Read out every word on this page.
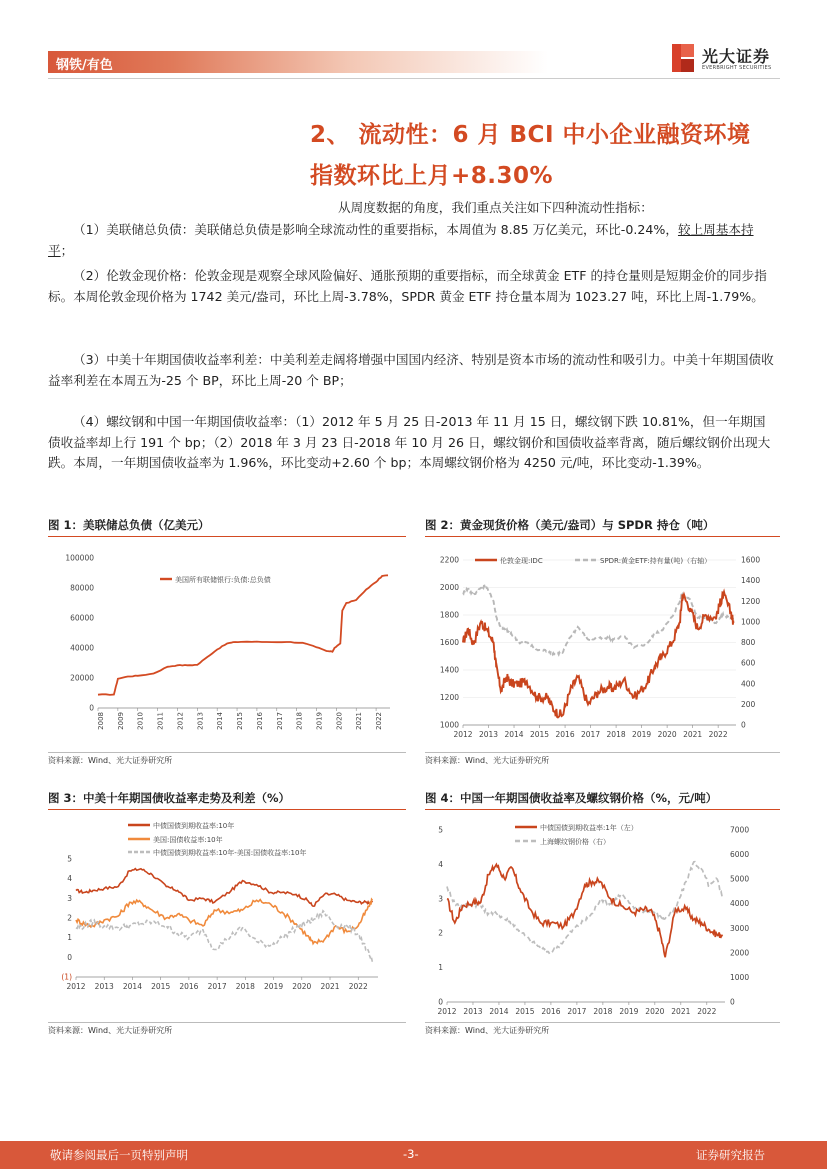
钢铁/有色	光大证券
EVERBRIGHT SECURITIES
2、 流动性：6 月 BCI 中小企业融资环境
指数环比上月+8.30%

从周度数据的角度，我们重点关注如下四种流动性指标：

（1）美联储总负债：美联储总负债是影响全球流动性的重要指标，本周值为 8.85 万亿美元，环比-0.24%，较上周基本持平；

（2）伦敦金现价格：伦敦金现是观察全球风险偏好、通胀预期的重要指标，而全球黄金 ETF 的持仓量则是短期金价的同步指标。本周伦敦金现价格为 1742 美元/盎司，环比上周-3.78%，SPDR 黄金 ETF 持仓量本周为 1023.27 吨，环比上周-1.79%。

（3）中美十年期国债收益率利差：中美利差走阔将增强中国国内经济、特别是资本市场的流动性和吸引力。中美十年期国债收益率利差在本周五为-25 个 BP，环比上周-20 个 BP；

（4）螺纹钢和中国一年期国债收益率：（1）2012 年 5 月 25 日-2013 年 11 月 15 日，螺纹钢下跌 10.81%，但一年期国债收益率却上行 191 个 bp；（2）2018 年 3 月 23 日-2018 年 10 月 26 日，螺纹钢价和国债收益率背离，随后螺纹钢价出现大跌。本周，一年期国债收益率为 1.96%，环比变动+2.60 个 bp；本周螺纹钢价格为 4250 元/吨，环比变动-1.39%。

图 1：美联储总负债（亿美元）
2008 2009 2010 2011 2012 2013 2014 2015 2016 2017 2018 2019 2020 2021 2022
0
20000
40000
60000
80000
100000
美国所有联储银行:负债:总负债
资料来源：Wind、光大证券研究所
图 2：黄金现货价格（美元/盎司）与 SPDR 持仓（吨）
2012 2013 2014 2015 2016 2017 2018 2019 2020 2021 2022
1000
1200
1400
1600
1800
2000
2200
0
200
400
600
800
1000
1200
1400
1600
伦敦金现:IDC	SPDR:黄金ETF:持有量(吨)（右轴）
资料来源：Wind、光大证券研究所
图 3：中美十年期国债收益率走势及利差（%）
2012 2013 2014 2015 2016 2017 2018 2019 2020 2021 2022
(1)
0
1
2
3
4
5
中债国债到期收益率:10年
美国:国债收益率:10年
中债国债到期收益率:10年-美国:国债收益率:10年
资料来源：Wind、光大证券研究所
图 4：中国一年期国债收益率及螺纹钢价格（%，元/吨）
2012 2013 2014 2015 2016 2017 2018 2019 2020 2021 2022
0
1
2
3
4
5
0
1000
2000
3000
4000
5000
6000
7000
中债国债到期收益率:1年（左）
上海螺纹钢价格（右）
资料来源：Wind、光大证券研究所
敬请参阅最后一页特别声明	-3-	证券研究报告
